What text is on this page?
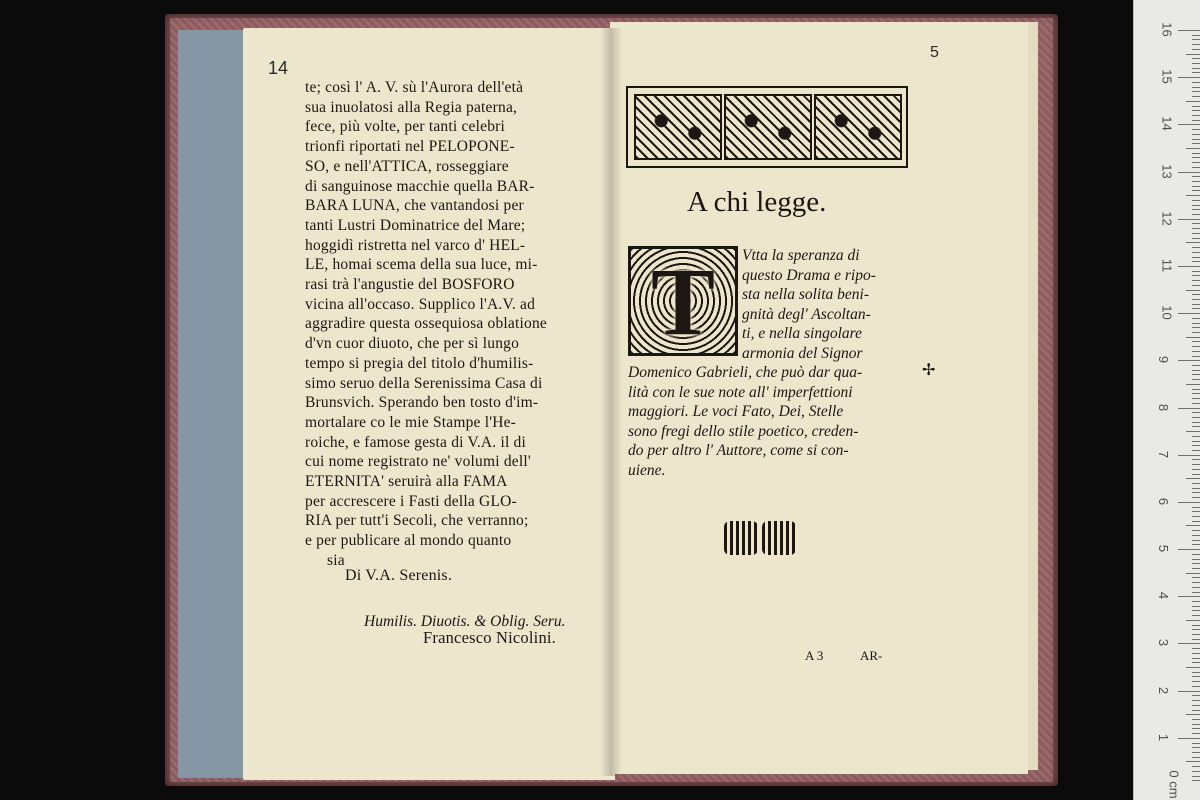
14
te; così l' A. V. sù l'Aurora dell'età
sua inuolatosi alla Regia paterna,
fece, più volte, per tanti celebri
trionfi riportati nel PELOPONE-
SO, e nell'ATTICA, rosseggiare
di sanguinose macchie quella BAR-
BARA LUNA, che vantandosi per
tanti Lustri Dominatrice del Mare;
hoggidì ristretta nel varco d' HEL-
LE, homai scema della sua luce, mi-
rasi trà l'angustie del BOSFORO
vicina all'occaso. Supplico l'A.V. ad
aggradire questa ossequiosa oblatione
d'vn cuor diuoto, che per sì lungo
tempo si pregia del titolo d'humilis-
simo seruo della Serenissima Casa di
Brunsvich. Sperando ben tosto d'im-
mortalare co le mie Stampe l'He-
roiche, e famose gesta di V.A. il di
cui nome registrato ne' volumi dell'
ETERNITA' seruirà alla FAMA
per accrescere i Fasti della GLO-
RIA per tutt'i Secoli, che verranno;
e per publicare al mondo quanto
sia
Di V.A. Serenis.
Humilis. Diuotis. & Oblig. Seru.
Francesco Nicolini.
5
A chi legge.
T	Vtta la speranza di
questo Drama e ripo-
sta nella solita beni-
gnità degl' Ascoltan-
ti, e nella singolare
armonia del Signor
Domenico Gabrieli, che può dar qua-
lità con le sue note all' imperfettioni
maggiori. Le voci Fato, Dei, Stelle
sono fregi dello stile poetico, creden-
do per altro l' Auttore, come si con-
uiene.
✢
A 3	AR-
16
15
14
13
12
11
10
9
8
7
6
5
4
3
2
1
0 cm
